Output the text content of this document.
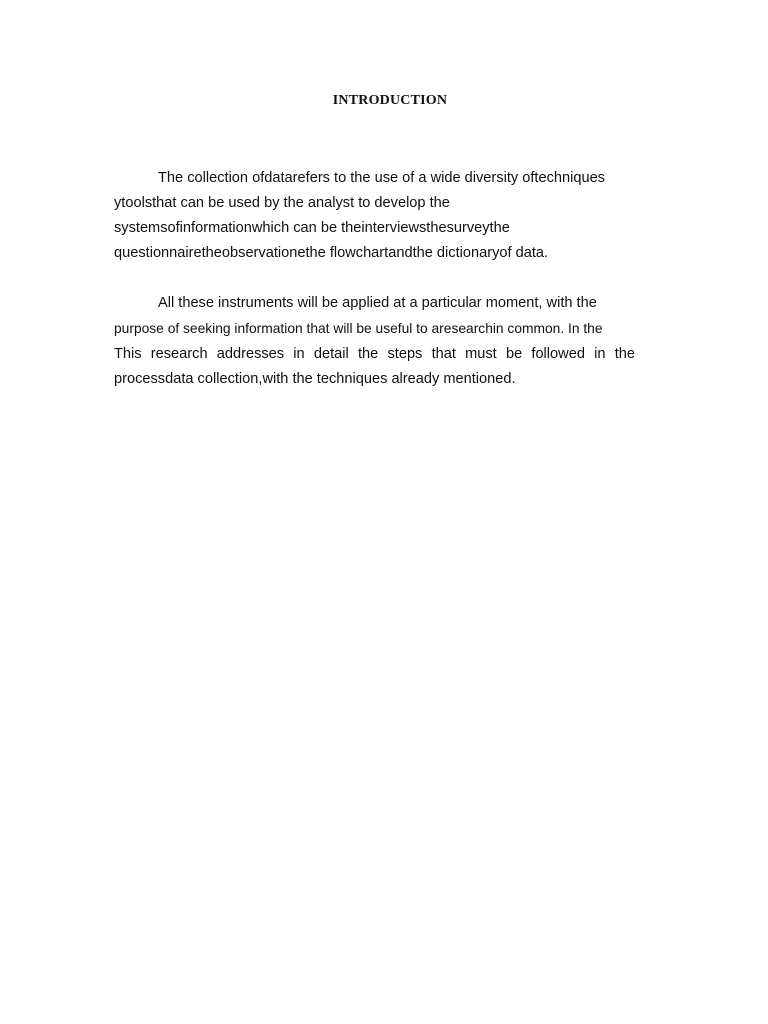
INTRODUCTION

The collection ofdatarefers to the use of a wide diversity oftechniques

ytoolsthat can be used by the analyst to develop the

systemsofinformationwhich can be theinterviewsthesurveythe

questionnairetheobservationethe flowchartandthe dictionaryof data.

All these instruments will be applied at a particular moment, with the

purpose of seeking information that will be useful to aresearchin common. In the

This research addresses in detail the steps that must be followed in the

processdata collection,with the techniques already mentioned.
